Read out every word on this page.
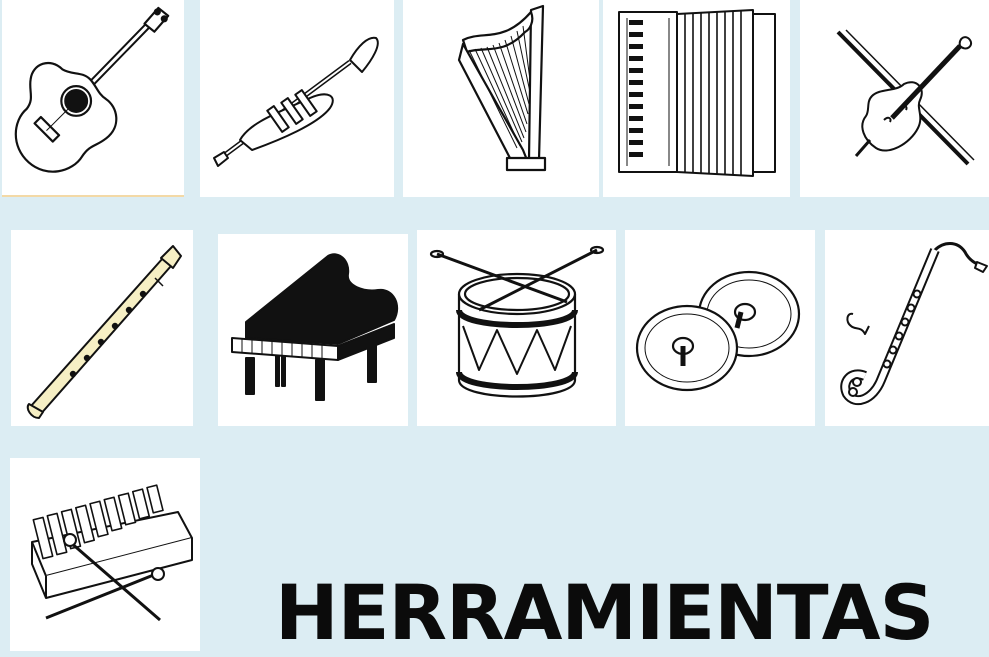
HERRAMIENTAS
